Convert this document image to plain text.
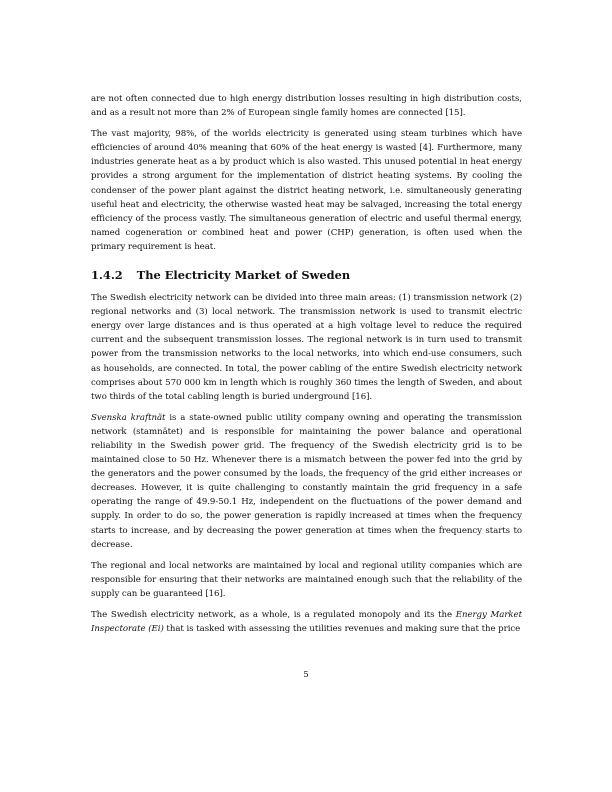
are not often connected due to high energy distribution losses resulting in high distribution costs, and as a result not more than 2% of European single family homes are connected [15].

The vast majority, 98%, of the worlds electricity is generated using steam turbines which have efficiencies of around 40% meaning that 60% of the heat energy is wasted [4]. Furthermore, many industries generate heat as a by product which is also wasted. This unused potential in heat energy provides a strong argument for the implementation of district heating systems. By cooling the condenser of the power plant against the district heating network, i.e. simultaneously generating useful heat and electricity, the otherwise wasted heat may be salvaged, increasing the total energy efficiency of the process vastly. The simultaneous generation of electric and useful thermal energy, named cogeneration or combined heat and power (CHP) generation, is often used when the primary requirement is heat.

1.4.2 The Electricity Market of Sweden

The Swedish electricity network can be divided into three main areas: (1) transmission network (2) regional networks and (3) local network. The transmission network is used to transmit electric energy over large distances and is thus operated at a high voltage level to reduce the required current and the subsequent transmission losses. The regional network is in turn used to transmit power from the transmission networks to the local networks, into which end-use consumers, such as households, are connected. In total, the power cabling of the entire Swedish electricity network comprises about 570 000 km in length which is roughly 360 times the length of Sweden, and about two thirds of the total cabling length is buried underground [16].

Svenska kraftnät is a state-owned public utility company owning and operating the transmission network (stamnätet) and is responsible for maintaining the power balance and operational reliability in the Swedish power grid. The frequency of the Swedish electricity grid is to be maintained close to 50 Hz. Whenever there is a mismatch between the power fed into the grid by the generators and the power consumed by the loads, the frequency of the grid either increases or decreases. However, it is quite challenging to constantly maintain the grid frequency in a safe operating the range of 49.9-50.1 Hz, independent on the fluctuations of the power demand and supply. In order to do so, the power generation is rapidly increased at times when the frequency starts to increase, and by decreasing the power generation at times when the frequency starts to decrease.

The regional and local networks are maintained by local and regional utility companies which are responsible for ensuring that their networks are maintained enough such that the reliability of the supply can be guaranteed [16].

The Swedish electricity network, as a whole, is a regulated monopoly and its the Energy Market Inspectorate (Ei) that is tasked with assessing the utilities revenues and making sure that the price

5
